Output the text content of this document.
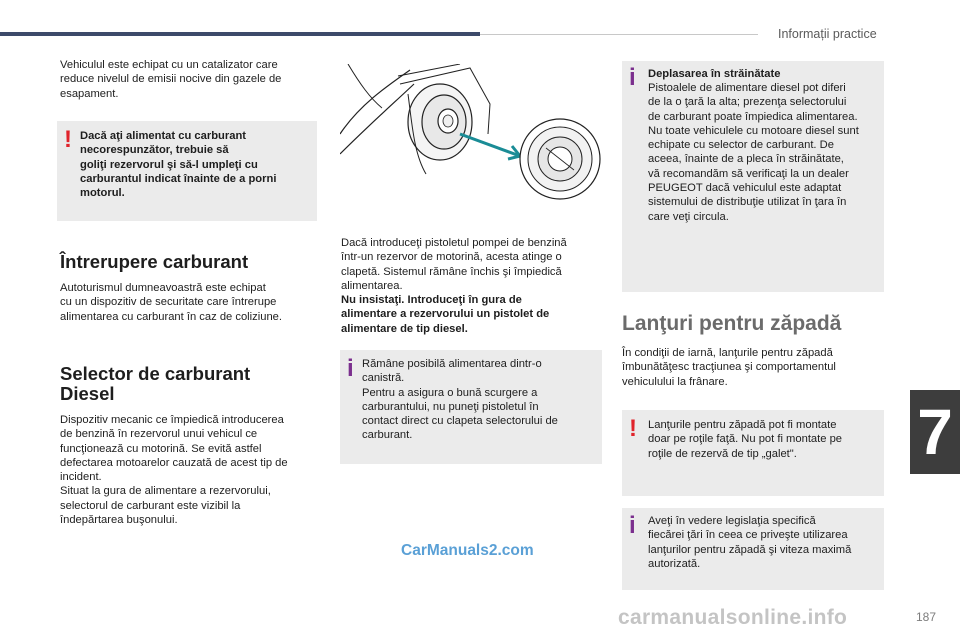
Informații practice
7

Vehiculul este echipat cu un catalizator care
reduce nivelul de emisii nocive din gazele de
esapament.

! Dacă aţi alimentat cu carburant
necorespunzător, trebuie să
goliţi rezervorul şi să-l umpleţi cu
carburantul indicat înainte de a porni
motorul.

Întrerupere carburant

Autoturismul dumneavoastră este echipat
cu un dispozitiv de securitate care întrerupe
alimentarea cu carburant în caz de coliziune.

Selector de carburant
Diesel

Dispozitiv mecanic ce împiedică introducerea
de benzină în rezervorul unui vehicul ce
funcţionează cu motorină. Se evită astfel
defectarea motoarelor cauzată de acest tip de
incident.
Situat la gura de alimentare a rezervorului,
selectorul de carburant este vizibil la
îndepărtarea buşonului.

Dacă introduceţi pistoletul pompei de benzină
într-un rezervor de motorină, acesta atinge o
clapetă. Sistemul rămâne închis şi împiedică
alimentarea.

Nu insistaţi. Introduceţi în gura de
alimentare a rezervorului un pistolet de
alimentare de tip diesel.

i Rămâne posibilă alimentarea dintr-o
canistră.
Pentru a asigura o bună scurgere a
carburantului, nu puneţi pistoletul în
contact direct cu clapeta selectorului de
carburant.

i Deplasarea în străinătate

Pistoalele de alimentare diesel pot diferi
de la o ţară la alta; prezenţa selectorului
de carburant poate împiedica alimentarea.
Nu toate vehiculele cu motoare diesel sunt
echipate cu selector de carburant. De
aceea, înainte de a pleca în străinătate,
vă recomandăm să verificaţi la un dealer
PEUGEOT dacă vehiculul este adaptat
sistemului de distribuţie utilizat în ţara în
care veţi circula.

Lanţuri pentru zăpadă

În condiţii de iarnă, lanţurile pentru zăpadă
îmbunătăţesc tracţiunea şi comportamentul
vehiculului la frânare.

! Lanţurile pentru zăpadă pot fi montate
doar pe roţile faţă. Nu pot fi montate pe
roţile de rezervă de tip „galet".

i Aveţi în vedere legislaţia specifică
fiecărei ţări în ceea ce priveşte utilizarea
lanţurilor pentru zăpadă şi viteza maximă
autorizată.

CarManuals2.com
carmanualsonline.info	187
